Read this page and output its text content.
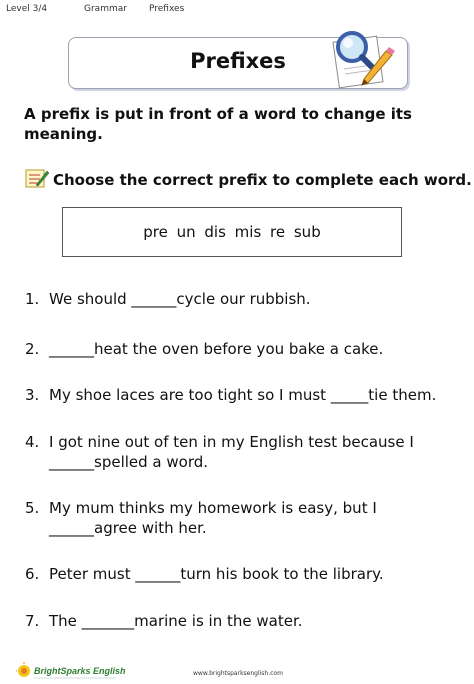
Level 3/4	Grammar Prefixes
Prefixes
A prefix is put in front of a word to change its meaning.
Choose the correct prefix to complete each word.
pre un dis mis re sub
1. We should ______cycle our rubbish.
2. ______heat the oven before you bake a cake.
3. My shoe laces are too tight so I must _____tie them.
4. I got nine out of ten in my English test because I
______spelled a word.
5. My mum thinks my homework is easy, but I
______agree with her.
6. Peter must ______turn his book to the library.
7. The _______marine is in the water.
BrightSparks English	www.brightsparksenglish.com
